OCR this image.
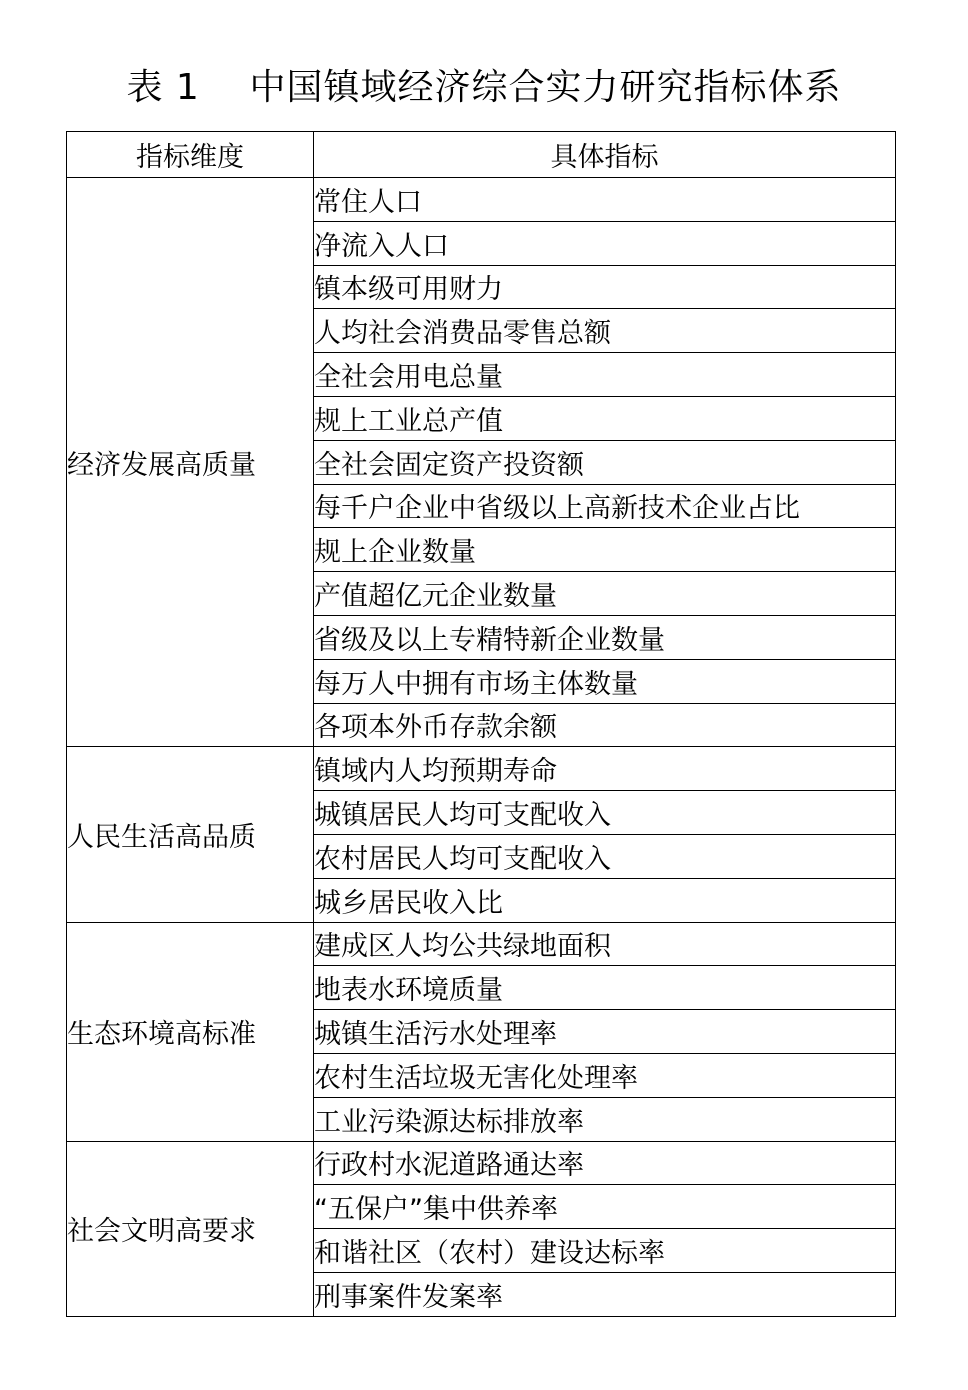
表 1    中国镇域经济综合实力研究指标体系
指标维度	具体指标
经济发展高质量	常住人口
	净流入人口
	镇本级可用财力
	人均社会消费品零售总额
	全社会用电总量
	规上工业总产值
	全社会固定资产投资额
	每千户企业中省级以上高新技术企业占比
	规上企业数量
	产值超亿元企业数量
	省级及以上专精特新企业数量
	每万人中拥有市场主体数量
	各项本外币存款余额
人民生活高品质	镇域内人均预期寿命
	城镇居民人均可支配收入
	农村居民人均可支配收入
	城乡居民收入比
生态环境高标准	建成区人均公共绿地面积
	地表水环境质量
	城镇生活污水处理率
	农村生活垃圾无害化处理率
	工业污染源达标排放率
社会文明高要求	行政村水泥道路通达率
	“五保户”集中供养率
	和谐社区（农村）建设达标率
	刑事案件发案率
